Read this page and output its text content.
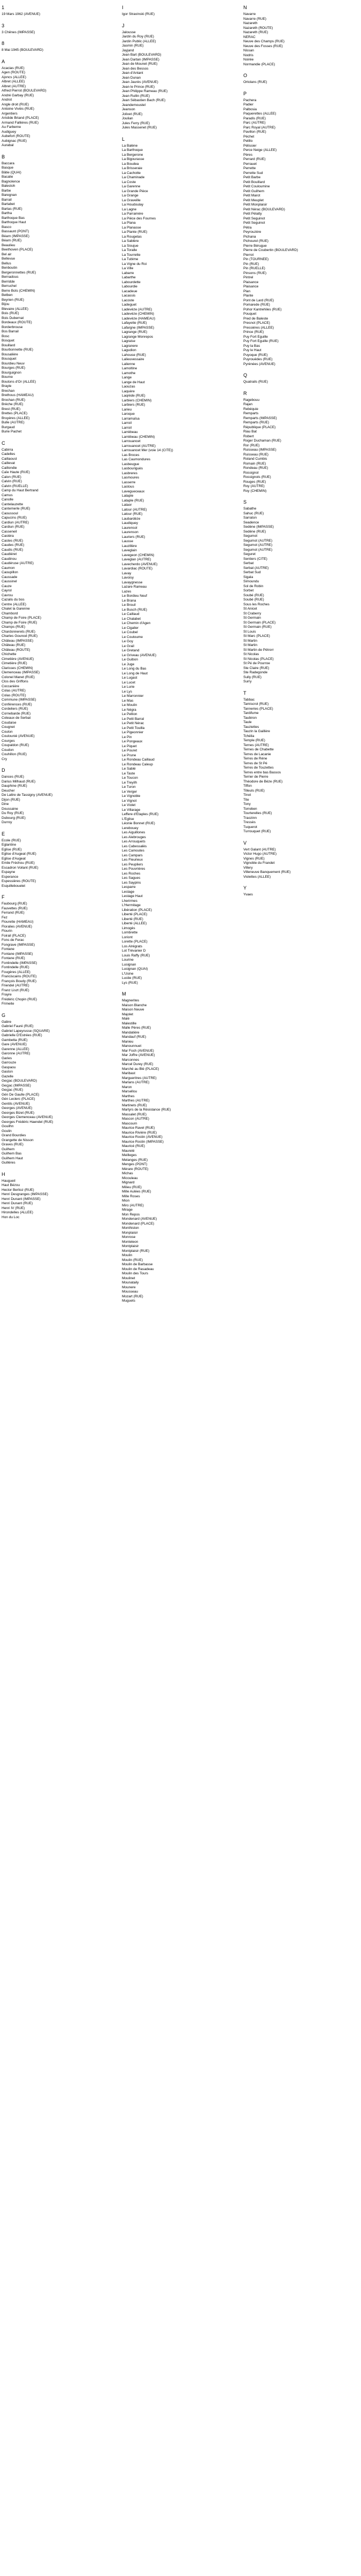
1
19 Mars 1962 (AVENUE)
3
3 Chênes (IMPASSE)
8
8 Mai 1945 (BOULEVARD)
A
Acacias (RUE)
Agen (ROUTE)
Ajoncs (ALLÉE)
Albret (ALLÉE)
Albret (AUTRE)
Alfred Pierrot (BOULEVARD)
André Garbay (RUE)
Androt
Angle droit (RUE)
Antoine Viviès (RUE)
Argentiers
Aristide Briand (PLACE)
Armand Fallières (RUE)
Au Farberne
Audiguey
Aubefort (ROUTE)
Aubignac (RUE)
Aurabal
B
Baccara
Basque
Bâtie (QUAI)
Bacalie
Bagnolence
Balestoh
Barbe
Baregnan
Barrail
Bartabet
Bartas (RUE)
Bartha
Barthoque Bas
Barthoque Haut
Basco
Bassaunt (PONT)
Béarn (IMPASSE)
Béarn (RUE)
Beaulieu
Beethoven (PLACE)
Bel air
Bellevue
Bellus
Benboutin
Bergeronnettes (RUE)
Bernadous
Berridde
Berruchel
Berre Bots (CHEMIN)
Betben
Beyrien (RUE)
Bijou
Blevaire (ALLÉE)
Bois (RUE)
Bois Dubernat
Bordeaux (ROUTE)
Borderbrouse
Bos Barrail
Bosc
Bosquet
Bouillard
Bourbonnette (RUE)
Bousalière
Bousquet
Bourdieu Neuv
Bourges (RUE)
Bourguignon
Bourne
Boutons d'Or (ALLÉE)
Brayle
Brechan
Brethous (HAMEAU)
Brochan (RUE)
Brèche (RUE)
Brest (RUE)
Brettes (PLACE)
Bruyères (ALLÉE)
Bulle (AUTRE)
Burgaud
Burie Pachet
C
Cabirra
Cadelles
Caillaoust
Caillevat
Caillondie
Caïe Haute (RUE)
Calon (RUE)
Calvin (RUE)
Calvin (RUELLE)
Camp du Haut Bertrand
Camus
Canolle
Cantelauzette
Cantemerle (RUE)
Caoussoul
Capucins (RUE)
Cardiun (AUTRE)
Cardiun (RUE)
Casseneil
Castéra
Castes (RUE)
Caudes (RUE)
Caudis (RUE)
Caudiéret
Caudinou
Caudéruse (AUTRE)
Caumon
Caoupillon
Caussade
Caussinel
Cauze
Cayrol
Cavrou
Cazalis du bos
Centre (ALLÉE)
Chalet la Garenne
Chambord
Champ de Foire (PLACE)
Champ de Foire (RUE)
Champs (RUE)
Chardonnerets (RUE)
Charles Gounod (RUE)
Château (IMPASSE)
Château (RUE)
Château (ROUTE)
Chichette
Cimetière (AVENUE)
Cimetière (RUE)
Clarisses (CHEMIN)
Clemenceau (IMPASSE)
Colonel Manet (RUE)
Clos des Griffons
Coccanière
Colas (AUTRE)
Colas (ROUTE)
Commune (IMPASSE)
Conférences (RUE)
Cordeliers (RUE)
Cornebarde (RUE)
Coteaux de Serbat
Coudaise
Cougnet
Coulon
Coulounié (AVENUE)
Courges
Coupaldon (RUE)
Coudon
Couhillon (RUE)
Cry
D
Dances (RUE)
Darius Milhaud (RUE)
Dauphine (RUE)
Deucher
De Lattre de Tassigny (AVENUE)
Dijon (RUE)
Dine
Doussaine
Du Roy (RUE)
Dubourg (RUE)
Durroy
E
Ecole (RUE)
Eglantine
Eglise (RUE)
Eglise d'Augeat (RUE)
Eglise d'Augeat
Emile Fréchou (RUE)
Escadron Voilant (RUE)
Espayne
Esperance
Espessières (ROUTE)
Esquillebouelet
F
Faubourg (RUE)
Fauvettes (RUE)
Ferrand (RUE)
Fez
Flourette (HAMEAU)
Floralies (AVENUE)
Flourin
Foirail (PLACE)
Fons de Ferac
Fongrave (IMPASSE)
Fontane
Fontane (IMPASSE)
Fontane (RUE)
Fontindelle (IMPASSE)
Fontindelle (RUE)
Fougères (ALLÉE)
Franciscains (ROUTE)
François Boudy (RUE)
Friendel (AUTRE)
Franz Liszt (RUE)
Frayre
Frédéric Chopin (RUE)
Frimeite
G
Gabre
Gabriel Fauré (RUE)
Gabriel Lapeyrusse (SQUARE)
Gabrielle D'Estrées (RUE)
Gambetta (RUE)
Gare (AVENUE)
Garenne (ALLÉE)
Garonne (AUTRE)
Garies
Garrouze
Gaspaou
Gaston
Gazelle
Geçjac (BOULEVARD)
Geçjac (IMPASSE)
Geçjac (RUE)
Gén De Gaulle (PLACE)
Gén Leclerc (PLACE)
Gentils (AVENUE)
Georges (AVENUE)
Georges Bizet (RUE)
Georges Clemenceau (AVENUE)
Georges Frédéric Haendel (RUE)
Gouilhn
Goulin
Grand Bourdies
Grangette de Nisson
Graves (RUE)
Guilhem
Guilhem Bas
Guilhem Haut
Guilléres
H
Haugueil
Haut Bézou
Hector Berlioz (RUE)
Henri Desgranges (IMPASSE)
Henri Dunant (IMPASSE)
Henri Dunant (RUE)
Henri IV (RUE)
Hirondelles (ALLÉE)
Hon du Loc
I
Igor Stravinski (RUE)
J
Jalousse
Jardin du Roy (RUE)
Jardin Public (ALLÉE)
Jasmin (RUE)
Jayjand
Jean Bart (BOULEVARD)
Jean Dartan (IMPASSE)
Jean de Mounet (RUE)
Jean des Bessos
Jean d'Antant
Jean Dunan
Jean Jaurès (AVENUE)
Jean le Prince (RUE)
Jean Philippe Rameau (RUE)
Jean Rullin (RUE)
Jean Sébastien Bach (RUE)
Jeandemoustel
Jeanson
Jolivet (RUE)
Joulian
Jules Ferry (RUE)
Jules Massenet (RUE)
L
La Balène
La Barthoque
La Bergerone
La Bigourasse
La Boudea
La Brisseraie
La Cachotte
La Chaminade
La Coste
La Garenne
La Grande Pièce
La Grange
La Graveille
La Houdoulay
La Lagne
La Parramère
La Pièce des Fournes
La Plana
La Planasse
La Plante (RUE)
La Rougetas
La Sablère
La Sioujue
La Toralle
La Tourrette
La Tubime
La Vigne du Roi
La Ville
Labarre
Labarthe
Labourdette
Labourdie
Lacadeue
Lacassis
Lacoste
Ladeguet
Ladevéze (AUTRE)
Ladevéze (CHEMIN)
Ladevéze (HAMEAU)
Lafayette (RUE)
Lafargne (IMPASSE)
Lagrange (RUE)
Lagrange Monrepos
Lagraise
Lagranere
Lagudion
Lahouse (RUE)
Lalieuvessaire
Lalienne
Lamoltine
Lamothe
Lange
Lange de Haut
Laouzas
Laquère
Laqrède (RUE)
Larbiers (CHEMIN)
Larbiers (RUE)
Larieu
Laroque
Larramaïsa
Larroil
Larroil
Larrèbeau
Larrèbeau (CHEMIN)
Larrouancet
Larrouancet (AUTRE)
Larrouancet Mer (voie 14 (CITÉ))
Las Broces
Las Caumondures
Lasbeugue
Lasbouriguès
Lasbreres
Lasmoures
Lasserre
Lastous
Lavegueceaux
Lataple
Lataple (RUE)
Lataor
Latour (AUTRE)
Latour (RUE)
Laubardèze
Laudiquey
Laurensol
Laurenson
Lauriers (RUE)
Lausse
Lauzillère
Laveglain
Lavegeon (CHEMIN)
Laveglan (AUTRE)
Lavecherdo (AVENUE)
Lavardiac (ROUTE)
Lavay
Lavoisy
Lavaygnesse
Lazare Rameau
Lazes
Le Bordieu Neuf
Le Brana
Le Brouil
Le Busch (RUE)
Le Caillaud
Le Chalabet
Le Chemin d'Agen
Le Cigalier
Le Coubel
Le Coutoume
Le Goy
Le Grail
Le Gretand
Le Griveau (AVENUE)
Le Guibon
Le Juge
Le Long du Bas
Le Long de Haut
Le Lugast
Le Lucet
Le Lurie
Le Lys
Le Marronnier
Le Mas
Le Moulin
Le Négra
Le Pellion
Le Petit Barral
Le Petit Nérac
Le Petit Touilla
Le Pigeonnier
Le Pin
Le Pongeaux
Le Piquet
Le Pouret
Le Prune
Le Rondeau Caillaud
Le Rondeau Caleup
Le Sablé
Le Taste
Le Toucon
Le Treyilh
Le Turon
Le Verger
Le Vignoble
Le Vignot
Le Violet
Le Villarage
Leffere d'Etaples (RUE)
L'Église
Léonie Bonnet (RUE)
Lerebouey
Les Aiguillones
Les Alebrouges
Les Arrouquets
Les Cabessalès
Les Camoutes
Les Campars
Les Fleurieux
Les Peupliers
Les Pouvrières
Les Roches
Les Sagues
Les Saypins
Lesparre
Lestage
Lestage Haut
Lherirmes
L'Hermitage
Libération (PLACE)
Liberté (PLACE)
Liberté (RUE)
Liberté (ALLÉE)
Limogès
Lombrette
Loriont
Lorette (PLACE)
Los Alrégrats
Lot Trévanier D
Louis Raffy (RUE)
Lourine
Lusignan
Lusignan (QUAI)
L'Usine
Lustie (RUE)
Lys (RUE)
M
Magnerites
Maison Blanche
Maison Neuve
Majolet
Malé
Malestille
Malle Pères (RUE)
Mandatière
Mandauf (RUE)
Manieu
Manounnuet
Mar Foch (AVENUE)
Mar Joffre (AVENUE)
Marconnes
Marcel Durey (RUE)
Marché au Blé (PLACE)
Maribast
Margueritres (AUTRE)
Marlans (AUTRE)
Maron
Marsellou
Marthes
Marthes (AUTRE)
Martinets (RUE)
Martyrs de la Résistance (RUE)
Massalet (RUE)
Mascon (AUTRE)
Mascourn
Maurice Ravel (RUE)
Maurice Rivière (RUE)
Maurice Rostin (AVENUE)
Maurice Rostin (IMPASSE)
Mauricé (RUE)
Maurelé
Meilleges
Melanges (RUE)
Menges (PONT)
Mérare (ROUTE)
Michas
Micouleau
Mignard
Milieu (RUE)
Mille Aulées (RUE)
Mille Roses
Mion
Miro (AUTRE)
Mirage
Mon Repos
Mondenard (AVENUE)
Mondenard (PLACE)
Monthiston
Monplaisir
Monrose
Monteleon
Montplaisir
Montplaisir (RUE)
Moulin
Moulin (RUE)
Moulin de Barbasse
Moulin de Rasadeau
Moulin des Tours
Moulinet
Mounataily
Mounere
Mousseau
Mozart (RUE)
Muguets
N
Navarre
Navarre (RUE)
Nazareth
Nazareth (ROUTE)
Nazareth (RUE)
NERAC
Neuve des Champs (RUE)
Neuve des Fosses (RUE)
Nissan
Nodris
Noirée
Normandie (PLACE)
O
Ortolans (RUE)
P
Pachera
Padier
Palbosia
Paquerettes (ALLÉE)
Paradis (RUE)
Parc (AUTRE)
Parc Royal (AUTRE)
Pavillon (RUE)
Péchet
Pelillo
Pélissier
Perce Neige (ALLÉE)
Pères
Perrard (RUE)
Perrauet
Perrette
Perrette Sud
Petit Barbe
Petit Bouillard
Petit Couloumine
Petit Guilhem
Petit Marot
Petit Meuplet
Petit Monplaisir
Petit Nérac (BOULEVARD)
Petit Pélatty
Petit Seguinot
Petit Seguinot
Pétra
Peyrouzère
Pichana
Pichourel (RUE)
Pierre Bérugue
Pierre de Coubertin (BOULEVARD)
Pierrot
Pin (TOURNÉE)
Pin (RUE)
Pin (RUELLE)
Pinsons (RUE)
Pintrel
Plaisance
Plaisance
Plan
Plante
Pont de Lard (RUE)
Pomarede (RUE)
Pohor Kantrehiles (RUE)
Pouquet
Pred de Baleste
Presnot (PLACE)
Pressiéres (ALLÉE)
Prince (RUE)
Puy Fort Eguille
Puy Fort Eguille (RUE)
Puy la Bas
Puy le Haut
Puyoque (RUE)
Puyrouédes (RUE)
Pyrénées (AVENUE)
Q
Quatrails (RUE)
R
Ragebouu
Rajan
Rebéquie
Remparts
Remparts (IMPASSE)
Remparts (RUE)
République (PLACE)
Riau Bat
Robert
Roger Duchaman (RUE)
Ror (RUE)
Ruisseau (IMPASSE)
Ruisseau (RUE)
Roland Cumbis
Romain (RUE)
Rondeau (RUE)
Rossignol
Rossignols (RUE)
Rouges (RUE)
Roy (AUTRE)
Roy (CHEMIN)
S
Sabathe
Sahuc (RUE)
Sarraton
Seadence
Sedène (IMPASSE)
Sedène (RUE)
Segumot
Segumot (AUTRE)
Segumot (AUTRE)
Segumot (AUTRE)
Seguret
Sentiers (CITÉ)
Serbat
Serbat (AUTRE)
Serbat Sud
Sigala
Simoundu
Sol de Robin
Sorbet
Soubé (RUE)
Soubé (RUE)
Sous les Roches
St Anicet
St Craberry
St Germain
St Germain (PLACE)
St Germain (RUE)
St Louis
St Marc (PLACE)
St Martin
St Martin
St Martin de Pétrorr
St Nicolas
St Nicolas (PLACE)
St Pé de Pourroe
Ste Claire (RUE)
Ste Radegonde
Sully (RUE)
Surry
T
Tabbac
Tamiscrol (RUE)
Tanneries (PLACE)
Tardifume
Taubiron
Taule
Tauziettes
Tauzin la Gaillère
Tchéila
Temple (RUE)
Ternes (AUTRE)
Ternes de Chabette
Terres de Lacanie
Terres de Réne
Terres de St Pé
Terres de Touzettes
Terres entre bas Bassos
Terrier de Pierre
Théodore de Béze (RUE)
Tiffon
Tilleuls (RUE)
Tinot
Tite
Tony
Torreben
Tourterelles (RUE)
Traozinn
Tressès
Tuquerot
Turrouquet (RUE)
V
Vert Galant (AUTRE)
Victor Hugo (AUTRE)
Vignes (RUE)
Vignoble du Frandet
Villery
Villeneuve Banquement (RUE)
Violettes (ALLÉE)
Y
Yvaes
